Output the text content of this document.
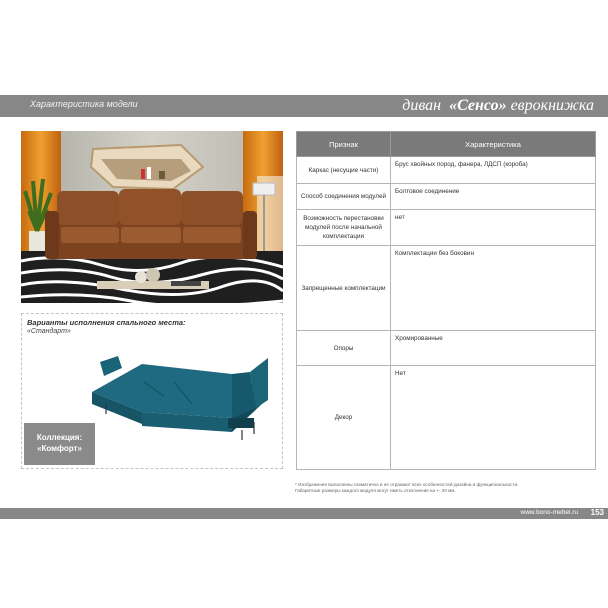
Характеристика модели	диван «Сенсо» еврокнижка
Варианты исполнения спального места:
«Стандарт»
Коллекция:
«Комфорт»
Признак	Характеристика
Каркас (несущие части)	Брус хвойных пород, фанера, ЛДСП (короба)
Способ соединения модулей	Болтовое соединение
Возможность перестановки модулей после начальной комплектации	нет
Запрещенные комплектации	Комплектации без боковин
Опоры	Хромированные
Декор	Нет
* Изображения выполнены схематично и не отражают всех особенностей дизайна и функциональности.
Габаритные размеры каждого модуля могут иметь отклонения на +- 20 мм.
www.bono-mebel.ru 153
